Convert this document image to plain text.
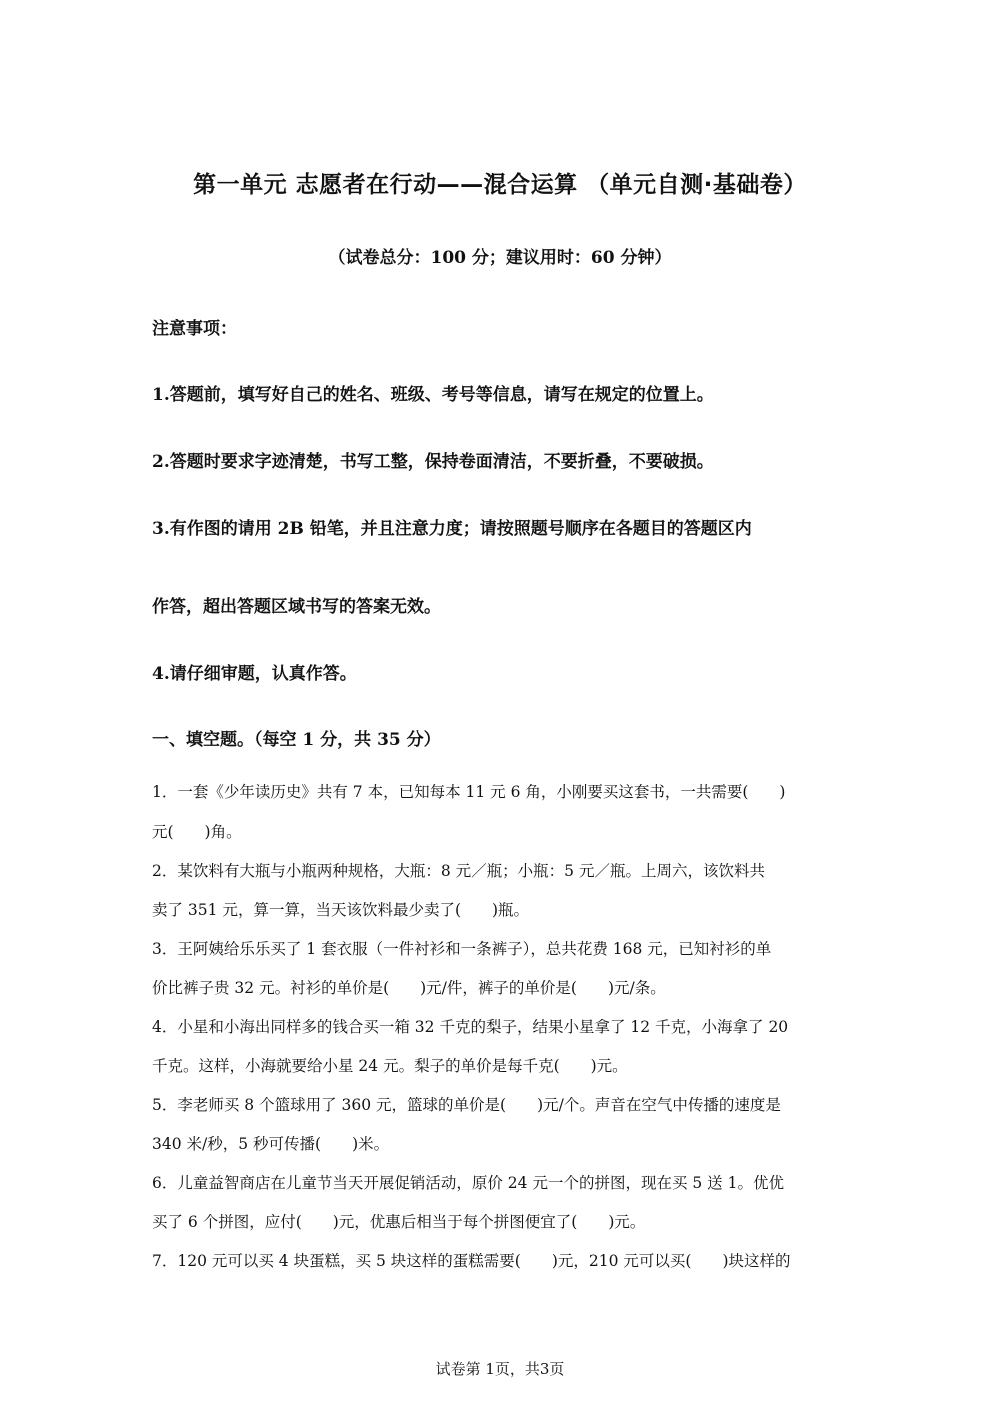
第一单元 志愿者在行动——混合运算 （单元自测·基础卷）

（试卷总分：100 分；建议用时：60 分钟）

注意事项：

1.答题前，填写好自己的姓名、班级、考号等信息，请写在规定的位置上。

2.答题时要求字迹清楚，书写工整，保持卷面清洁，不要折叠，不要破损。

3.有作图的请用 2B 铅笔，并且注意力度；请按照题号顺序在各题目的答题区内

作答，超出答题区域书写的答案无效。

4.请仔细审题，认真作答。

一、填空题。（每空 1 分，共 35 分）

1．一套《少年读历史》共有 7 本，已知每本 11 元 6 角，小刚要买这套书，一共需要(　　)

元(　　)角。

2．某饮料有大瓶与小瓶两种规格，大瓶：8 元／瓶；小瓶：5 元／瓶。上周六，该饮料共

卖了 351 元，算一算，当天该饮料最少卖了(　　)瓶。

3．王阿姨给乐乐买了 1 套衣服（一件衬衫和一条裤子），总共花费 168 元，已知衬衫的单

价比裤子贵 32 元。衬衫的单价是(　　)元/件，裤子的单价是(　　)元/条。

4．小星和小海出同样多的钱合买一箱 32 千克的梨子，结果小星拿了 12 千克，小海拿了 20

千克。这样，小海就要给小星 24 元。梨子的单价是每千克(　　)元。

5．李老师买 8 个篮球用了 360 元，篮球的单价是(　　)元/个。声音在空气中传播的速度是

340 米/秒，5 秒可传播(　　)米。

6．儿童益智商店在儿童节当天开展促销活动，原价 24 元一个的拼图，现在买 5 送 1。优优

买了 6 个拼图，应付(　　)元，优惠后相当于每个拼图便宜了(　　)元。

7．120 元可以买 4 块蛋糕，买 5 块这样的蛋糕需要(　　)元，210 元可以买(　　)块这样的

试卷第 1页，共3页
